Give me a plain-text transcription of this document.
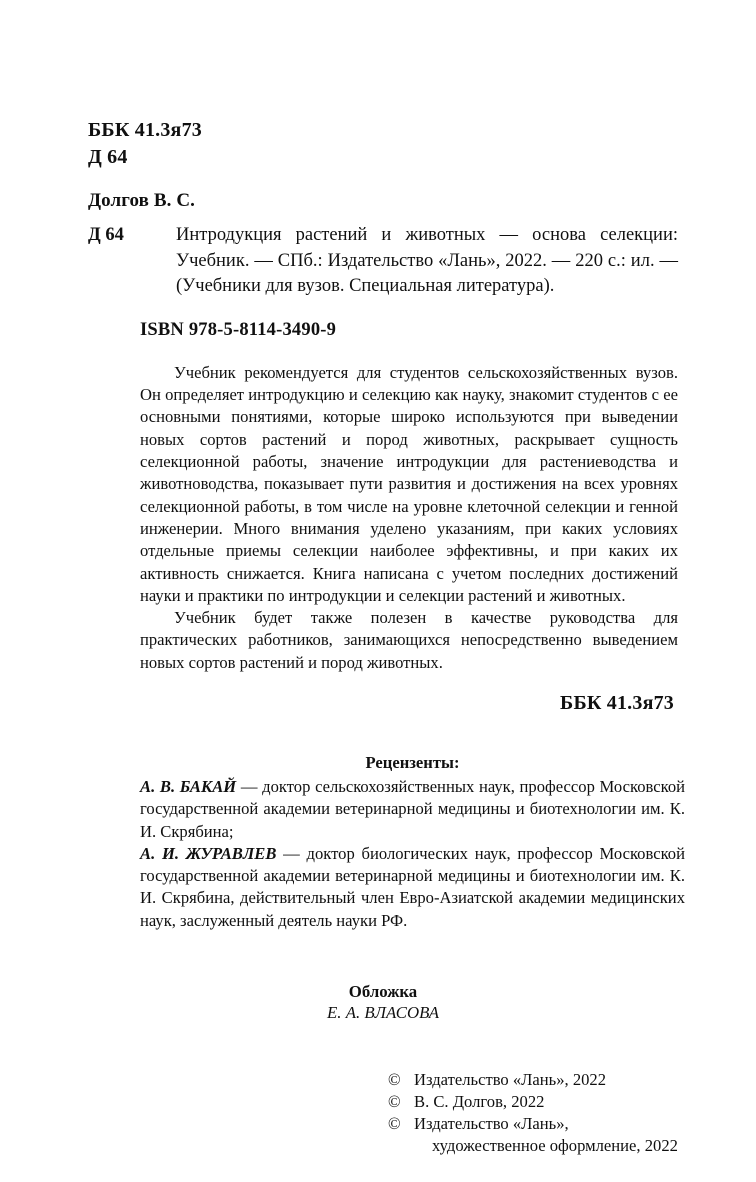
ББК 41.3я73
Д 64
Долгов В. С.
Д 64	Интродукция растений и животных — основа селекции: Учебник. — СПб.: Издательство «Лань», 2022. — 220 с.: ил. — (Учебники для вузов. Специальная литература).
ISBN 978-5-8114-3490-9

Учебник рекомендуется для студентов сельскохозяйственных вузов. Он определяет интродукцию и селекцию как науку, знакомит студентов с ее основными понятиями, которые широко используются при выведении новых сортов растений и пород животных, раскрывает сущность селекционной работы, значение интродукции для растениеводства и животноводства, показывает пути развития и достижения на всех уровнях селекционной работы, в том числе на уровне клеточной селекции и генной инженерии. Много внимания уделено указаниям, при каких условиях отдельные приемы селекции наиболее эффективны, и при каких их активность снижается. Книга написана с учетом последних достижений науки и практики по интродукции и селекции растений и животных.

Учебник будет также полезен в качестве руководства для практических работников, занимающихся непосредственно выведением новых сортов растений и пород животных.

ББК 41.3я73
Рецензенты:
А. В. БАКАЙ — доктор сельскохозяйственных наук, профессор Московской государственной академии ветеринарной медицины и биотехнологии им. К. И. Скрябина;
А. И. ЖУРАВЛЕВ — доктор биологических наук, профессор Московской государственной академии ветеринарной медицины и биотехнологии им. К. И. Скрябина, действительный член Евро-Азиатской академии медицинских наук, заслуженный деятель науки РФ.
Обложка
Е. А. ВЛАСОВА
© Издательство «Лань», 2022
© В. С. Долгов, 2022
© Издательство «Лань»,
художественное оформление, 2022
